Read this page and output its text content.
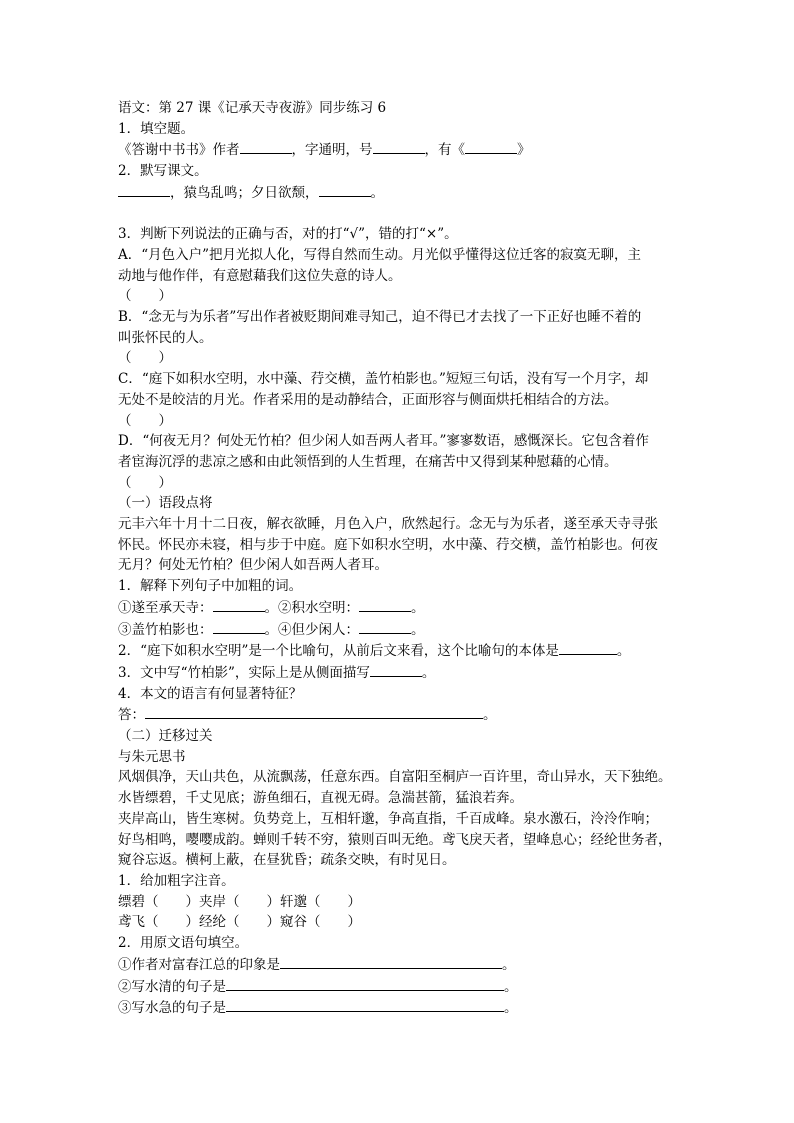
语文：第 27 课《记承天寺夜游》同步练习 6

1．填空题。

《答谢中书书》作者	，字通明，号	，有《	》

2．默写课文。

，猿鸟乱鸣；夕日欲颓，	。

3．判断下列说法的正确与否，对的打“√”，错的打“×”。

A．“月色入户”把月光拟人化，写得自然而生动。月光似乎懂得这位迁客的寂寞无聊，主

动地与他作伴，有意慰藉我们这位失意的诗人。

（　　）

B．“念无与为乐者”写出作者被贬期间难寻知己，迫不得已才去找了一下正好也睡不着的

叫张怀民的人。

（　　）

C．“庭下如积水空明，水中藻、荇交横，盖竹柏影也。”短短三句话，没有写一个月字，却

无处不是皎洁的月光。作者采用的是动静结合，正面形容与侧面烘托相结合的方法。

（　　）

D．“何夜无月？何处无竹柏？但少闲人如吾两人者耳。”寥寥数语，感慨深长。它包含着作

者宦海沉浮的悲凉之感和由此领悟到的人生哲理，在痛苦中又得到某种慰藉的心情。

（　　）

（一）语段点将

元丰六年十月十二日夜，解衣欲睡，月色入户，欣然起行。念无与为乐者，遂至承天寺寻张

怀民。怀民亦未寝，相与步于中庭。庭下如积水空明，水中藻、荇交横，盖竹柏影也。何夜

无月？何处无竹柏？但少闲人如吾两人者耳。

1．解释下列句子中加粗的词。

①遂至承天寺：	。②积水空明：	。

③盖竹柏影也：	。④但少闲人：	。

2．“庭下如积水空明”是一个比喻句，从前后文来看，这个比喻句的本体是	。

3．文中写“竹柏影”，实际上是从侧面描写	。

4．本文的语言有何显著特征？

答：	。

（二）迁移过关

与朱元思书

风烟俱净，天山共色，从流飘荡，任意东西。自富阳至桐庐一百许里，奇山异水，天下独绝。

水皆缥碧，千丈见底；游鱼细石，直视无碍。急湍甚箭，猛浪若奔。

夹岸高山，皆生寒树。负势竞上，互相轩邈，争高直指，千百成峰。泉水激石，泠泠作响；

好鸟相鸣，嘤嘤成韵。蝉则千转不穷，猿则百叫无绝。鸢飞戾天者，望峰息心；经纶世务者，

窥谷忘返。横柯上蔽，在昼犹昏；疏条交映，有时见日。

1．给加粗字注音。

缥碧（　　）夹岸（　　）轩邈（　　）

鸢飞（　　）经纶（　　）窥谷（　　）

2．用原文语句填空。

①作者对富春江总的印象是	。

②写水清的句子是	。

③写水急的句子是	。
